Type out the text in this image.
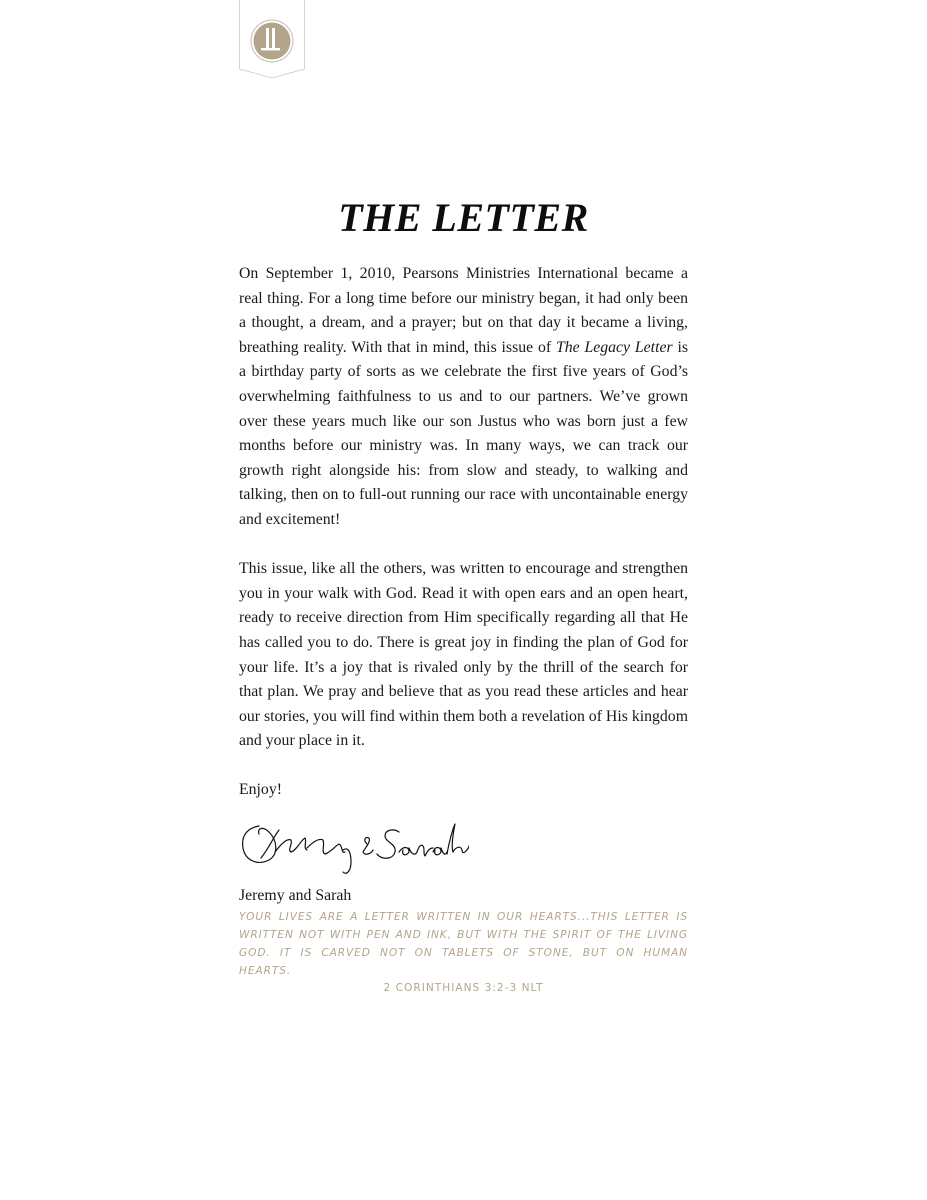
THE LETTER

On September 1, 2010, Pearsons Ministries International became a real thing. For a long time before our ministry began, it had only been a thought, a dream, and a prayer; but on that day it became a living, breathing reality. With that in mind, this issue of The Legacy Letter is a birthday party of sorts as we celebrate the first five years of God’s overwhelming faithfulness to us and to our partners. We’ve grown over these years much like our son Justus who was born just a few months before our ministry was. In many ways, we can track our growth right alongside his: from slow and steady, to walking and talking, then on to full-out running our race with uncontainable energy and excitement!

This issue, like all the others, was written to encourage and strengthen you in your walk with God. Read it with open ears and an open heart, ready to receive direction from Him specifically regarding all that He has called you to do. There is great joy in finding the plan of God for your life. It’s a joy that is rivaled only by the thrill of the search for that plan. We pray and believe that as you read these articles and hear our stories, you will find within them both a revelation of His kingdom and your place in it.

Enjoy!

Jeremy and Sarah

YOUR LIVES ARE A LETTER WRITTEN IN OUR HEARTS...THIS LETTER IS WRITTEN NOT WITH PEN AND INK, BUT WITH THE SPIRIT OF THE LIVING GOD. IT IS CARVED NOT ON TABLETS OF STONE, BUT ON HUMAN HEARTS.
2 CORINTHIANS 3:2-3 NLT
